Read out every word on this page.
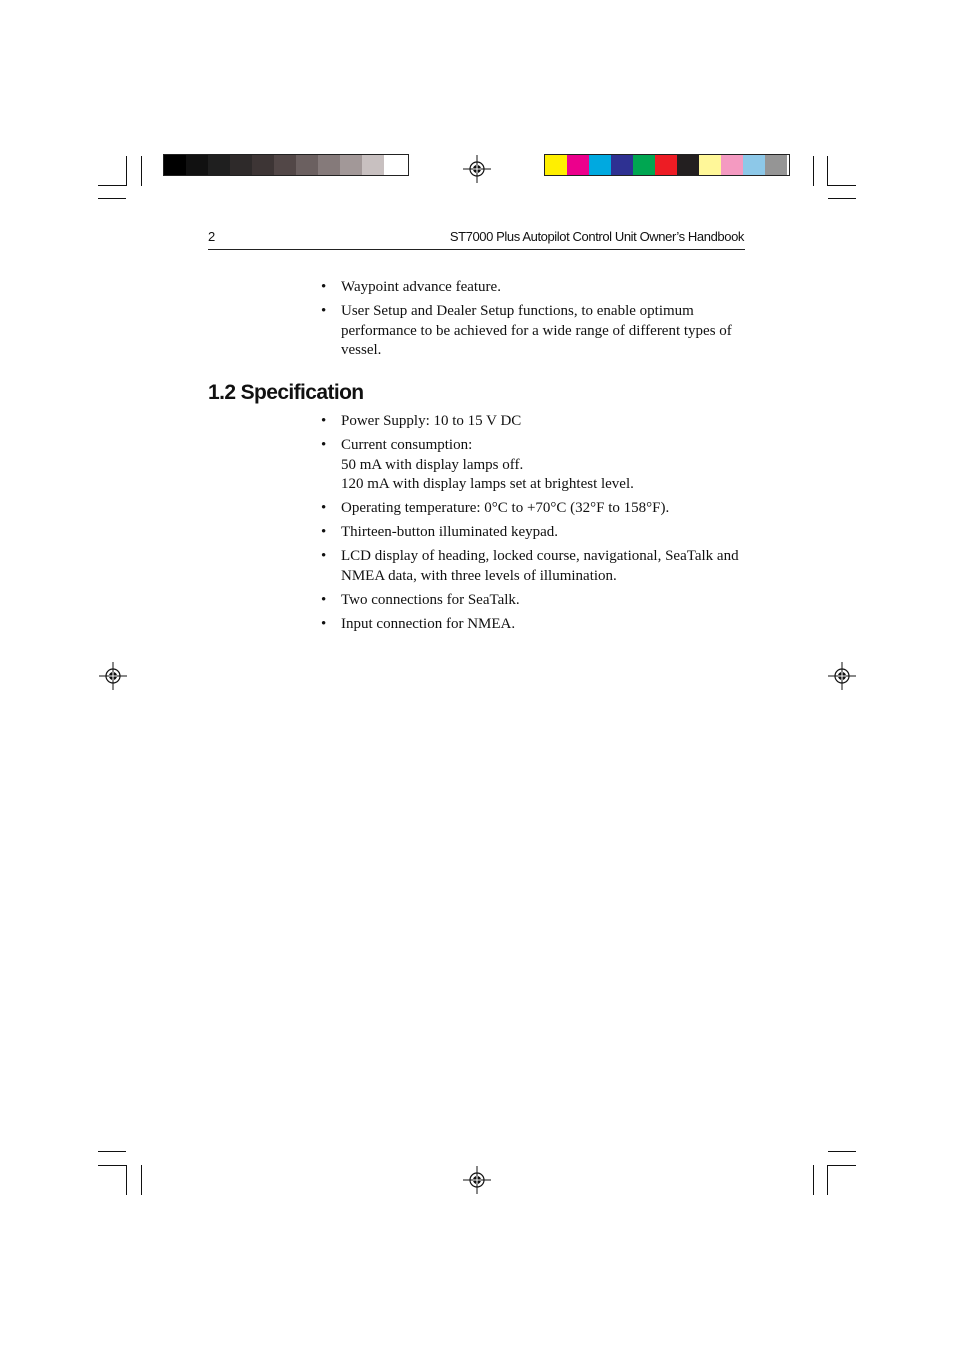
2	ST7000 Plus Autopilot Control Unit Owner’s Handbook
• Waypoint advance feature.
• User Setup and Dealer Setup functions, to enable optimum
performance to be achieved for a wide range of different types of
vessel.
1.2 Specification
• Power Supply: 10 to 15 V DC
• Current consumption:
50 mA with display lamps off.
120 mA with display lamps set at brightest level.
• Operating temperature: 0°C to +70°C (32°F to 158°F).
• Thirteen-button illuminated keypad.
• LCD display of heading, locked course, navigational, SeaTalk and
NMEA data, with three levels of illumination.
• Two connections for SeaTalk.
• Input connection for NMEA.
